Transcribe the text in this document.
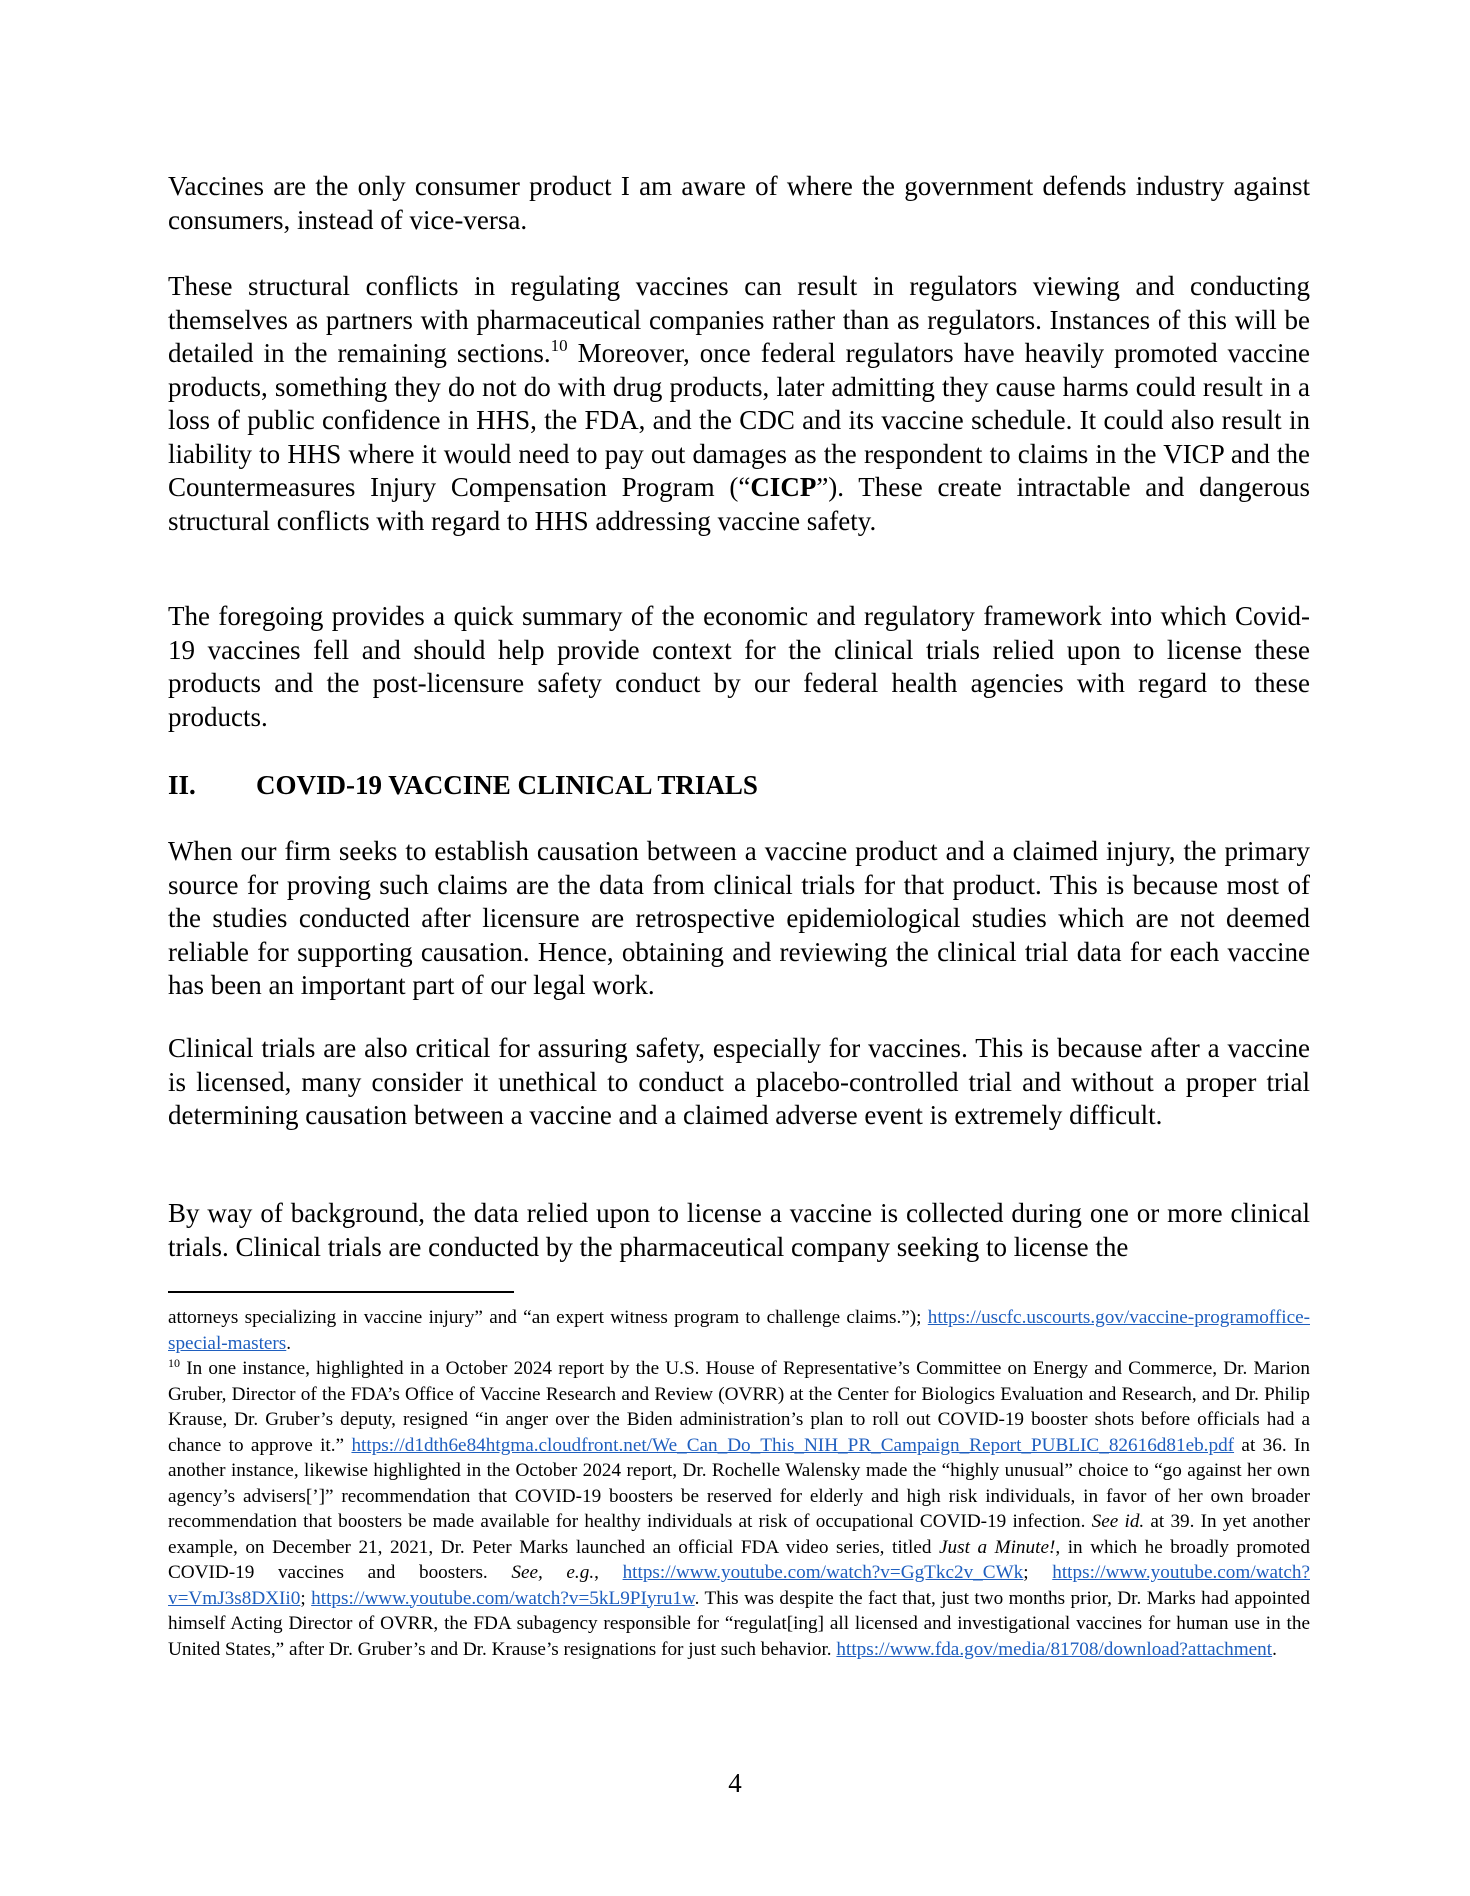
Vaccines are the only consumer product I am aware of where the government defends industry against consumers, instead of vice-versa.

These structural conflicts in regulating vaccines can result in regulators viewing and conducting themselves as partners with pharmaceutical companies rather than as regulators. Instances of this will be detailed in the remaining sections.$^{10}$ Moreover, once federal regulators have heavily promoted vaccine products, something they do not do with drug products, later admitting they cause harms could result in a loss of public confidence in HHS, the FDA, and the CDC and its vaccine schedule. It could also result in liability to HHS where it would need to pay out damages as the respondent to claims in the VICP and the Countermeasures Injury Compensation Program (“CICP”). These create intractable and dangerous structural conflicts with regard to HHS addressing vaccine safety.

The foregoing provides a quick summary of the economic and regulatory framework into which Covid-19 vaccines fell and should help provide context for the clinical trials relied upon to license these products and the post-licensure safety conduct by our federal health agencies with regard to these products.

II. COVID-19 VACCINE CLINICAL TRIALS

When our firm seeks to establish causation between a vaccine product and a claimed injury, the primary source for proving such claims are the data from clinical trials for that product. This is because most of the studies conducted after licensure are retrospective epidemiological studies which are not deemed reliable for supporting causation. Hence, obtaining and reviewing the clinical trial data for each vaccine has been an important part of our legal work.

Clinical trials are also critical for assuring safety, especially for vaccines. This is because after a vaccine is licensed, many consider it unethical to conduct a placebo-controlled trial and without a proper trial determining causation between a vaccine and a claimed adverse event is extremely difficult.

By way of background, the data relied upon to license a vaccine is collected during one or more clinical trials. Clinical trials are conducted by the pharmaceutical company seeking to license the

attorneys specializing in vaccine injury” and “an expert witness program to challenge claims.”); https://uscfc.uscourts.gov/vaccine-programoffice-special-masters.

$^{10}$ In one instance, highlighted in a October 2024 report by the U.S. House of Representative’s Committee on Energy and Commerce, Dr. Marion Gruber, Director of the FDA’s Office of Vaccine Research and Review (OVRR) at the Center for Biologics Evaluation and Research, and Dr. Philip Krause, Dr. Gruber’s deputy, resigned “in anger over the Biden administration’s plan to roll out COVID-19 booster shots before officials had a chance to approve it.” https://d1dth6e84htgma.cloudfront.net/We_Can_Do_This_NIH_PR_Campaign_Report_PUBLIC_82616d81eb.pdf at 36. In another instance, likewise highlighted in the October 2024 report, Dr. Rochelle Walensky made the “highly unusual” choice to “go against her own agency’s advisers[’]” recommendation that COVID-19 boosters be reserved for elderly and high risk individuals, in favor of her own broader recommendation that boosters be made available for healthy individuals at risk of occupational COVID-19 infection. See id. at 39. In yet another example, on December 21, 2021, Dr. Peter Marks launched an official FDA video series, titled Just a Minute!, in which he broadly promoted COVID-19 vaccines and boosters. See, e.g., https://www.youtube.com/watch?v=GgTkc2v_CWk; https://www.youtube.com/watch?v=VmJ3s8DXIi0; https://www.youtube.com/watch?v=5kL9PIyru1w. This was despite the fact that, just two months prior, Dr. Marks had appointed himself Acting Director of OVRR, the FDA subagency responsible for “regulat[ing] all licensed and investigational vaccines for human use in the United States,” after Dr. Gruber’s and Dr. Krause’s resignations for just such behavior. https://www.fda.gov/media/81708/download?attachment.

4
